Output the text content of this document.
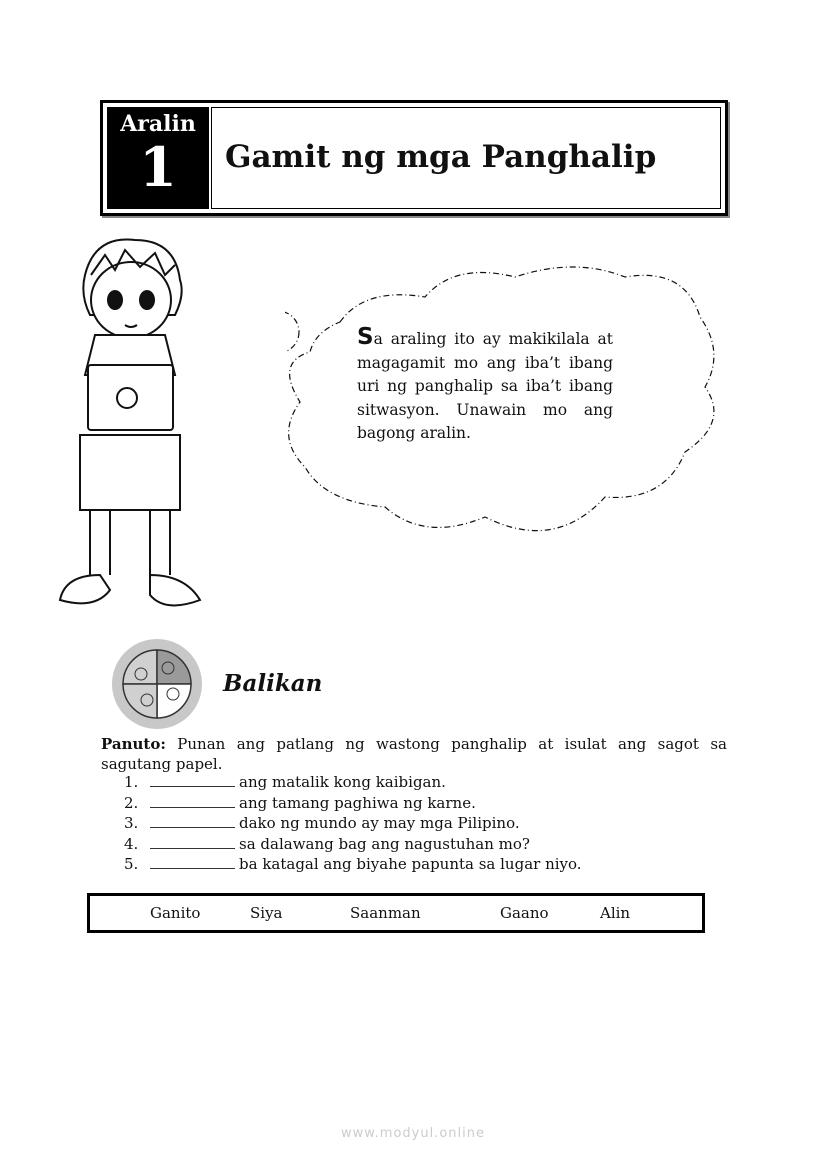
Aralin
1	Gamit ng mga Panghalip
Sa araling ito ay makikilala at magagamit mo ang iba’t ibang uri ng panghalip sa iba’t ibang sitwasyon. Unawain mo ang bagong aralin.
Balikan
Panuto: Punan ang patlang ng wastong panghalip at isulat ang sagot sa sagutang papel.
1.	ang matalik kong kaibigan.
2.	ang tamang paghiwa ng karne.
3.	dako ng mundo ay may mga Pilipino.
4.	sa dalawang bag ang nagustuhan mo?
5.	ba katagal ang biyahe papunta sa lugar niyo.
Ganito	Siya	Saanman	Gaano	Alin
www.modyul.online
